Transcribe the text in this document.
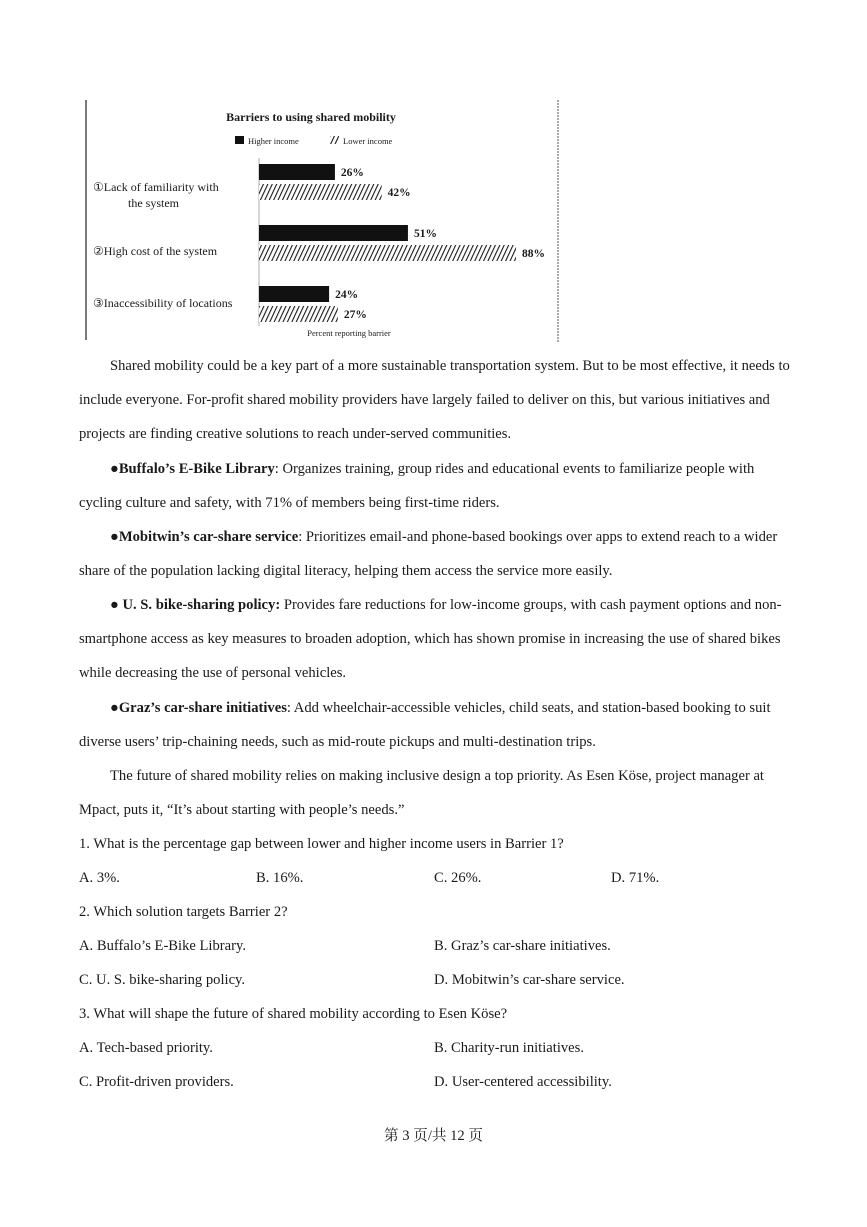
Barriers to using shared mobility
Higher income	Lower income
①Lack of familiarity with
the system
26%
42%
②High cost of the system
51%
88%
③Inaccessibility of locations
24%
27%
Percent reporting barrier

Shared mobility could be a key part of a more sustainable transportation system. But to be most effective, it needs to include everyone. For-profit shared mobility providers have largely failed to deliver on this, but various initiatives and projects are finding creative solutions to reach under-served communities.

●Buffalo’s E-Bike Library: Organizes training, group rides and educational events to familiarize people with cycling culture and safety, with 71% of members being first-time riders.

●Mobitwin’s car-share service: Prioritizes email-and phone-based bookings over apps to extend reach to a wider share of the population lacking digital literacy, helping them access the service more easily.

● U. S. bike-sharing policy: Provides fare reductions for low-income groups, with cash payment options and non-smartphone access as key measures to broaden adoption, which has shown promise in increasing the use of shared bikes while decreasing the use of personal vehicles.

●Graz’s car-share initiatives: Add wheelchair-accessible vehicles, child seats, and station-based booking to suit diverse users’ trip-chaining needs, such as mid-route pickups and multi-destination trips.

The future of shared mobility relies on making inclusive design a top priority. As Esen Köse, project manager at Mpact, puts it, “It’s about starting with people’s needs.”

1. What is the percentage gap between lower and higher income users in Barrier 1?

A. 3%.	B. 16%.	C. 26%.	D. 71%.

2. Which solution targets Barrier 2?

A. Buffalo’s E-Bike Library.	B. Graz’s car-share initiatives.

C. U. S. bike-sharing policy.	D. Mobitwin’s car-share service.

3. What will shape the future of shared mobility according to Esen Köse?

A. Tech-based priority.	B. Charity-run initiatives.

C. Profit-driven providers.	D. User-centered accessibility.

第 3 页/共 12 页
